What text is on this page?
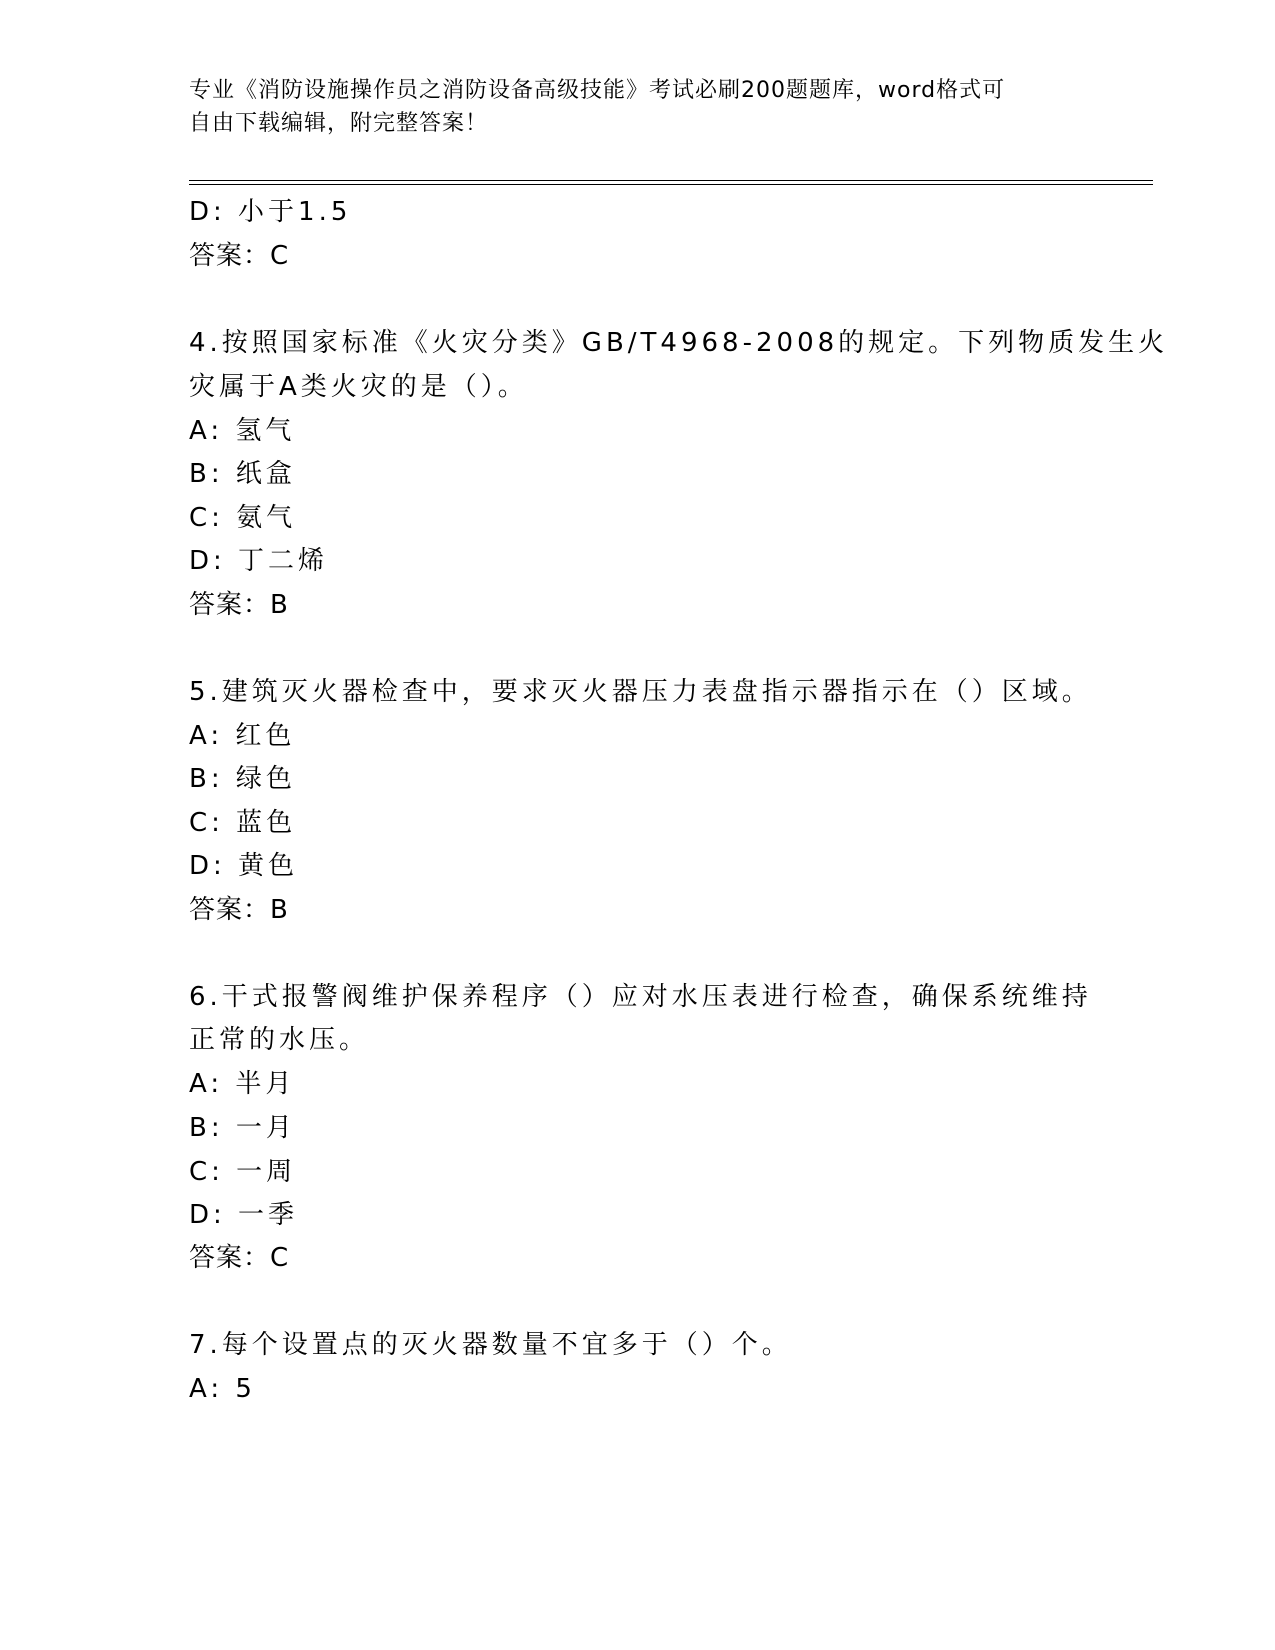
专业《消防设施操作员之消防设备高级技能》考试必刷200题题库，word格式可
自由下载编辑，附完整答案！
D: 小于1.5
答案：C
4.按照国家标准《火灾分类》GB/T4968-2008的规定。下列物质发生火
灾属于A类火灾的是（）。
A: 氢气
B: 纸盒
C: 氨气
D: 丁二烯
答案：B
5.建筑灭火器检查中，要求灭火器压力表盘指示器指示在（）区域。
A: 红色
B: 绿色
C: 蓝色
D: 黄色
答案：B
6.干式报警阀维护保养程序（）应对水压表进行检查，确保系统维持
正常的水压。
A: 半月
B: 一月
C: 一周
D: 一季
答案：C
7.每个设置点的灭火器数量不宜多于（）个。
A: 5
